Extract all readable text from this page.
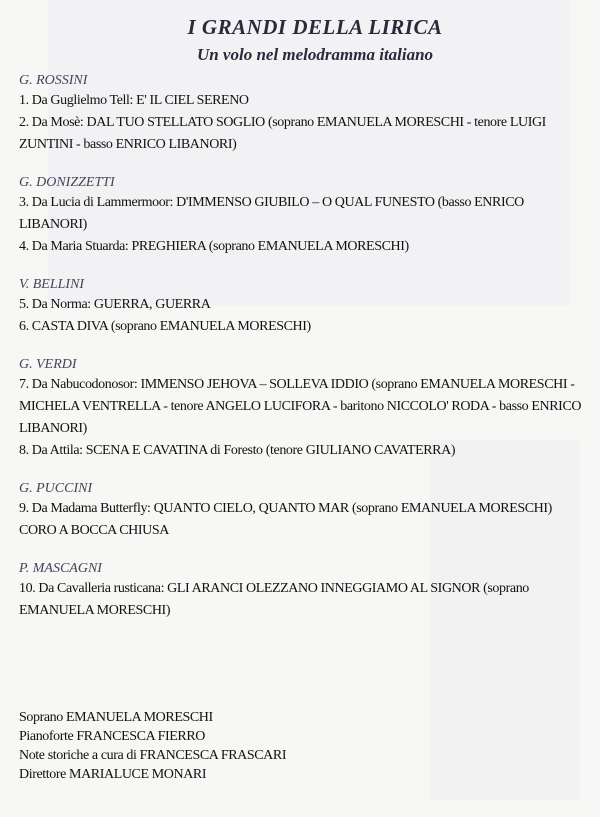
I GRANDI DELLA LIRICA
Un volo nel melodramma italiano

G. ROSSINI

1. Da Guglielmo Tell: E' IL CIEL SERENO

2. Da Mosè: DAL TUO STELLATO SOGLIO (soprano EMANUELA MORESCHI - tenore LUIGI ZUNTINI - basso ENRICO LIBANORI)

G. DONIZZETTI

3. Da Lucia di Lammermoor: D'IMMENSO GIUBILO – O QUAL FUNESTO (basso ENRICO LIBANORI)

4. Da Maria Stuarda: PREGHIERA (soprano EMANUELA MORESCHI)

V. BELLINI

5. Da Norma: GUERRA, GUERRA

6. CASTA DIVA (soprano EMANUELA MORESCHI)

G. VERDI

7. Da Nabucodonosor: IMMENSO JEHOVA – SOLLEVA IDDIO (soprano EMANUELA MORESCHI - MICHELA VENTRELLA - tenore ANGELO LUCIFORA - baritono NICCOLO' RODA - basso ENRICO LIBANORI)

8. Da Attila: SCENA E CAVATINA di Foresto (tenore GIULIANO CAVATERRA)

G. PUCCINI

9. Da Madama Butterfly: QUANTO CIELO, QUANTO MAR (soprano EMANUELA MORESCHI) CORO A BOCCA CHIUSA

P. MASCAGNI

10. Da Cavalleria rusticana: GLI ARANCI OLEZZANO INNEGGIAMO AL SIGNOR (soprano EMANUELA MORESCHI)

Soprano EMANUELA MORESCHI

Pianoforte FRANCESCA FIERRO

Note storiche a cura di FRANCESCA FRASCARI

Direttore MARIALUCE MONARI
